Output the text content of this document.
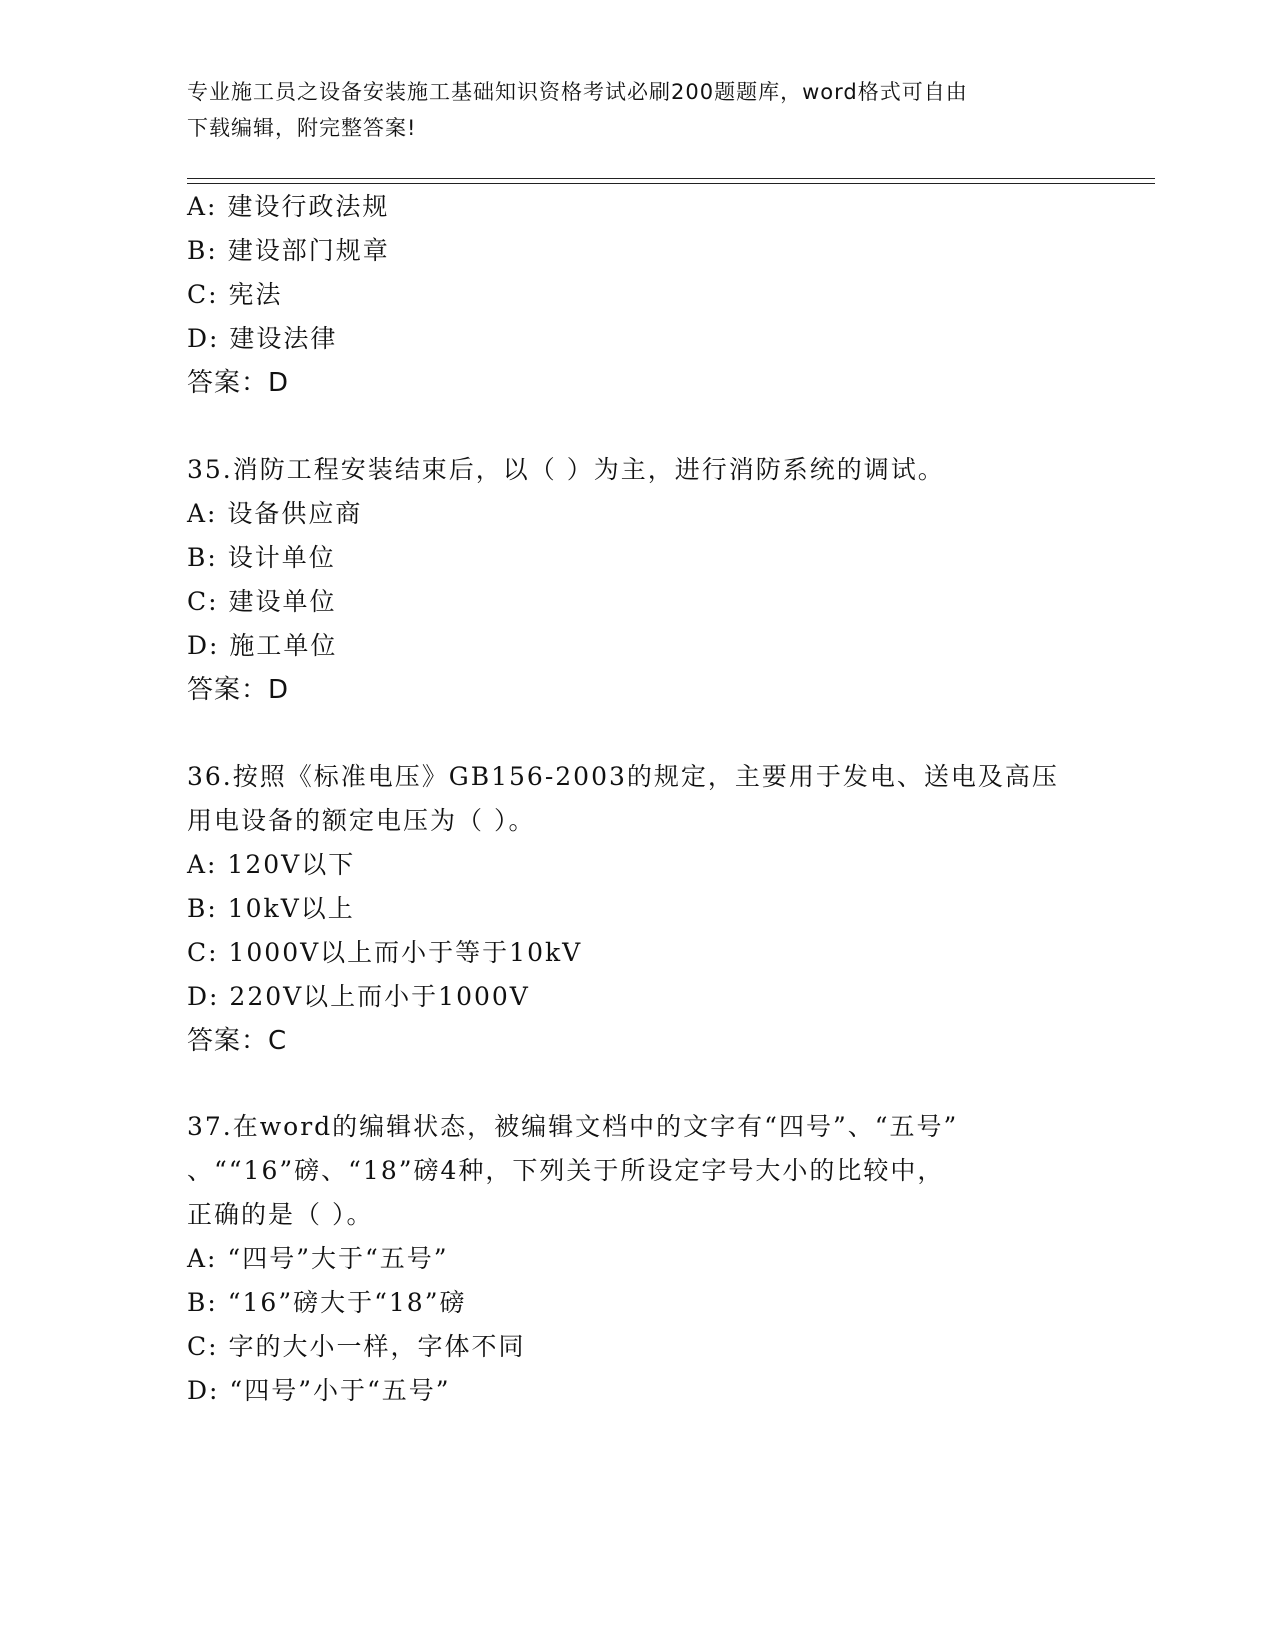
专业施工员之设备安装施工基础知识资格考试必刷200题题库，word格式可自由
下载编辑，附完整答案!
A: 建设行政法规
B: 建设部门规章
C: 宪法
D: 建设法律
答案：D
35.消防工程安装结束后，以（ ）为主，进行消防系统的调试。
A: 设备供应商
B: 设计单位
C: 建设单位
D: 施工单位
答案：D
36.按照《标准电压》GB156-2003的规定，主要用于发电、送电及高压
用电设备的额定电压为（ ）。
A: 120V以下
B: 10kV以上
C: 1000V以上而小于等于10kV
D: 220V以上而小于1000V
答案：C
37.在word的编辑状态，被编辑文档中的文字有“四号”、“五号”
、““16”磅、“18”磅4种，下列关于所设定字号大小的比较中，
正确的是（ ）。
A: “四号”大于“五号”
B: “16”磅大于“18”磅
C: 字的大小一样，字体不同
D: “四号”小于“五号”
